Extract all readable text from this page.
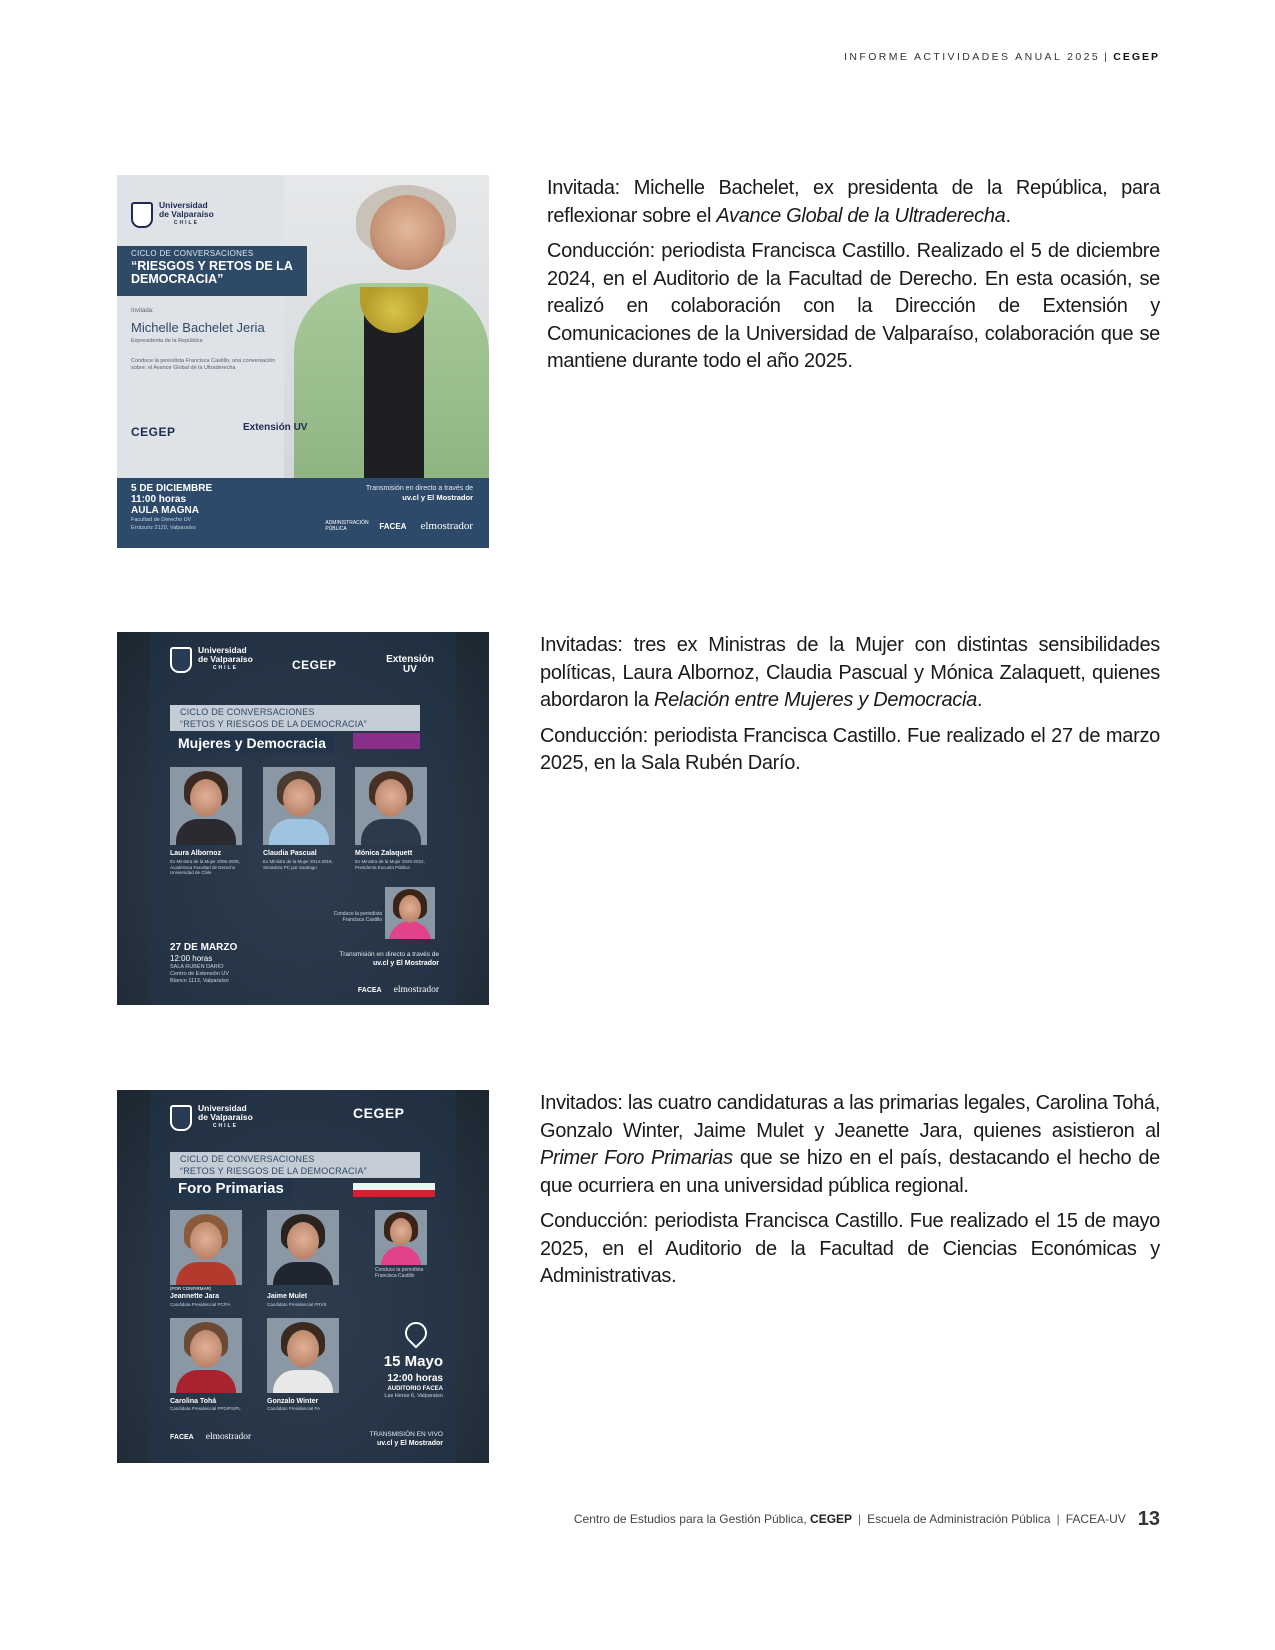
INFORME ACTIVIDADES ANUAL 2025 | CEGEP
Universidad
de Valparaíso
CHILE
CICLO DE CONVERSACIONES
“RIESGOS Y RETOS DE LA DEMOCRACIA”
Invitada:
Michelle Bachelet Jeria
Expresidenta de la República
Conduce la periodista Francisca Castillo, una conversación sobre: el Avance Global de la Ultraderecha
CEGEP	Extensión UV
5 DE DICIEMBRE
11:00 horas
AULA MAGNA
Facultad de Derecho UV
Errázuriz 2120, Valparaíso
Transmisión en directo a través de
uv.cl y El Mostrador
ADMINISTRACIÓN PÚBLICA	FACEA elmostrador

Invitada: Michelle Bachelet, ex presidenta de la República, para reflexionar sobre el Avance Global de la Ultraderecha.

Conducción: periodista Francisca Castillo. Realizado el 5 de diciembre 2024, en el Auditorio de la Facultad de Derecho. En esta ocasión, se realizó en colaboración con la Dirección de Extensión y Comunicaciones de la Universidad de Valparaíso, colaboración que se mantiene durante todo el año 2025.

Universidad
de Valparaíso
CHILE	CEGEP	Extensión UV
CICLO DE CONVERSACIONES
“RETOS Y RIESGOS DE LA DEMOCRACIA”
Mujeres y Democracia
Laura Albornoz
Ex Ministra de la Mujer 2006-2009, Académica Facultad de Derecho Universidad de Chile
Claudia Pascual
Ex Ministra de la Mujer 2014-2018, Senadora PC por Santiago
Mónica Zalaquett
Ex Ministra de la Mujer 2020-2022, Presidenta Escuela Pública
Conduce la periodista Francisca Castillo
27 DE MARZO
12:00 horas
SALA RUBÉN DARÍO
Centro de Extensión UV
Blanco 1113, Valparaíso
Transmisión en directo a través de
uv.cl y El Mostrador
FACEA elmostrador

Invitadas: tres ex Ministras de la Mujer con distintas sensibilidades políticas, Laura Albornoz, Claudia Pascual y Mónica Zalaquett, quienes abordaron la Relación entre Mujeres y Democracia.

Conducción: periodista Francisca Castillo. Fue realizado el 27 de marzo 2025, en la Sala Rubén Darío.

Universidad
de Valparaíso
CHILE
CEGEP
CICLO DE CONVERSACIONES
“RETOS Y RIESGOS DE LA DEMOCRACIA”
Foro Primarias
Conduce la periodista Francisca Castillo
(POR CONFIRMAR)
Jeannette Jara
Candidata Presidencial PC/FA
Jaime Mulet
Candidato Presidencial FRVS
Carolina Tohá
Candidata Presidencial PPD/PS/PL
Gonzalo Winter
Candidato Presidencial FA
15 Mayo
12:00 horas
AUDITORIO FACEA
Las Heras 6, Valparaíso
FACEA elmostrador	TRANSMISIÓN EN VIVO
uv.cl y El Mostrador

Invitados: las cuatro candidaturas a las primarias legales, Carolina Tohá, Gonzalo Winter, Jaime Mulet y Jeanette Jara, quienes asistieron al Primer Foro Primarias que se hizo en el país, destacando el hecho de que ocurriera en una universidad pública regional.

Conducción: periodista Francisca Castillo. Fue realizado el 15 de mayo 2025, en el Auditorio de la Facultad de Ciencias Económicas y Administrativas.

Centro de Estudios para la Gestión Pública, CEGEP | Escuela de Administración Pública | FACEA-UV 13
